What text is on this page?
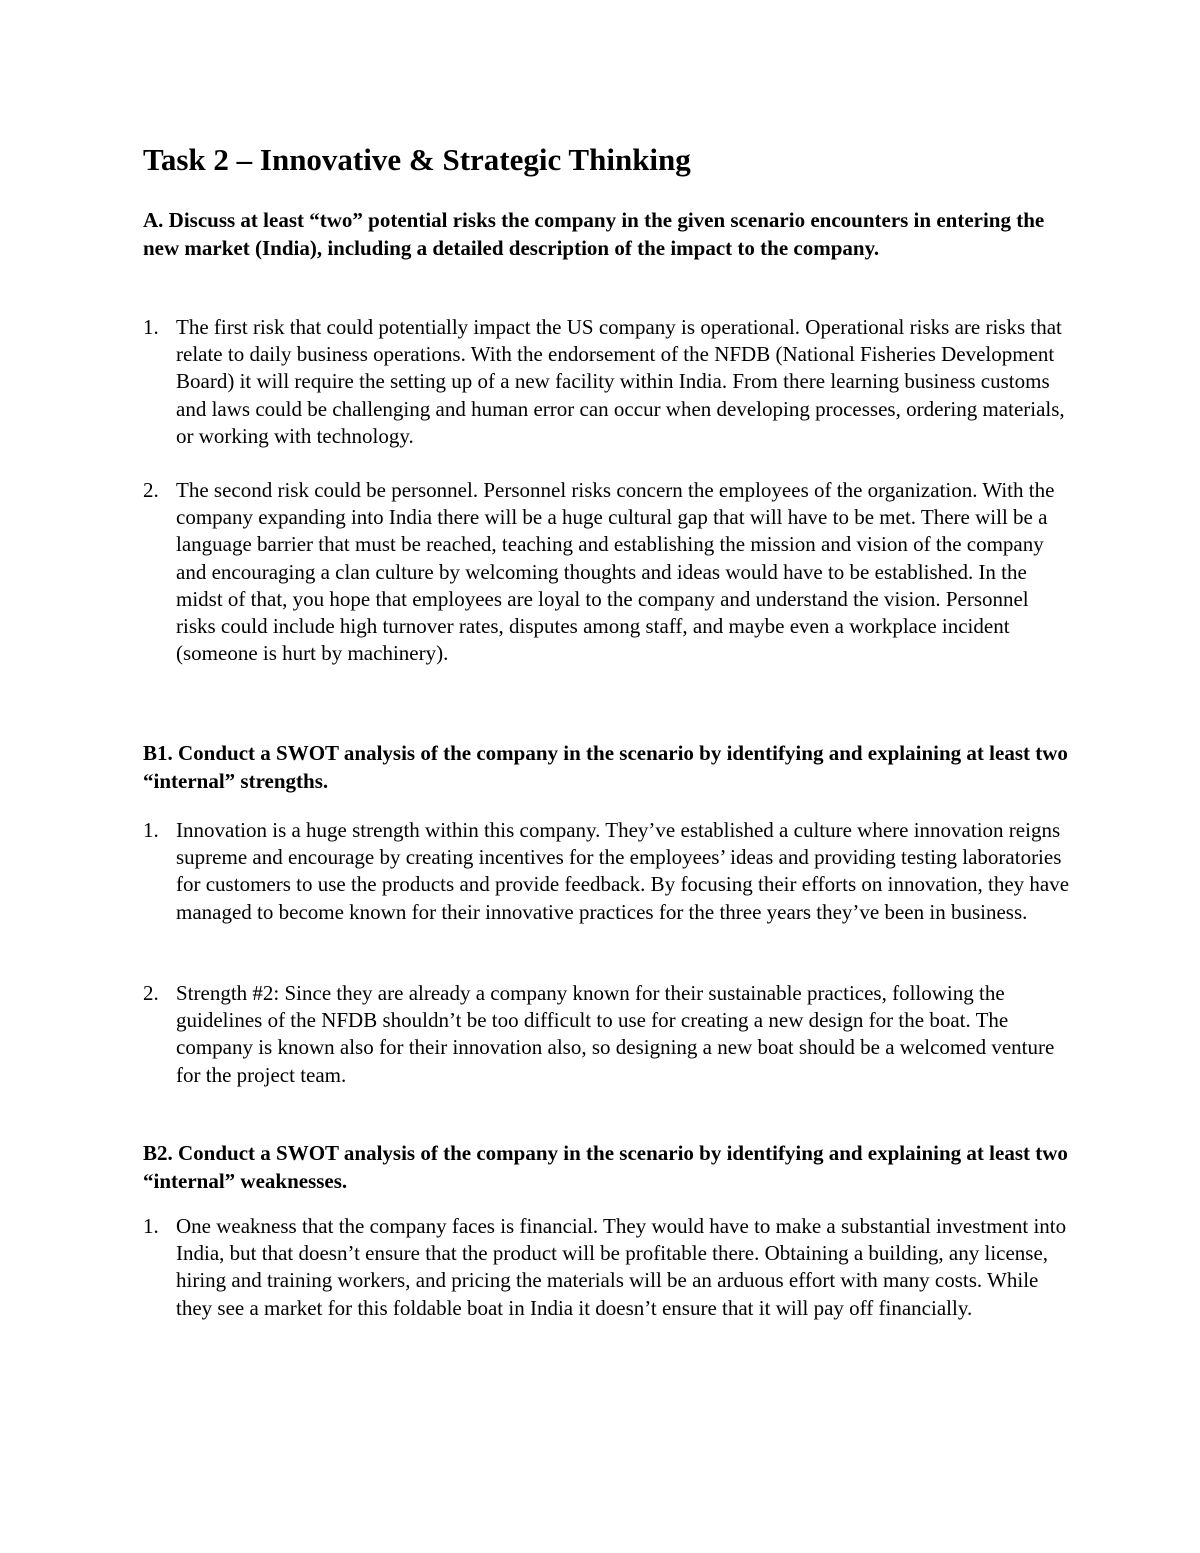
Task 2 – Innovative & Strategic Thinking
A. Discuss at least “two” potential risks the company in the given scenario encounters in entering the new market (India), including a detailed description of the impact to the company.
1. The first risk that could potentially impact the US company is operational. Operational risks are risks that relate to daily business operations. With the endorsement of the NFDB (National Fisheries Development Board) it will require the setting up of a new facility within India. From there learning business customs and laws could be challenging and human error can occur when developing processes, ordering materials, or working with technology.
2. The second risk could be personnel. Personnel risks concern the employees of the organization. With the company expanding into India there will be a huge cultural gap that will have to be met. There will be a language barrier that must be reached, teaching and establishing the mission and vision of the company and encouraging a clan culture by welcoming thoughts and ideas would have to be established. In the midst of that, you hope that employees are loyal to the company and understand the vision. Personnel risks could include high turnover rates, disputes among staff, and maybe even a workplace incident (someone is hurt by machinery).
B1. Conduct a SWOT analysis of the company in the scenario by identifying and explaining at least two “internal” strengths.
1. Innovation is a huge strength within this company. They’ve established a culture where innovation reigns supreme and encourage by creating incentives for the employees’ ideas and providing testing laboratories for customers to use the products and provide feedback. By focusing their efforts on innovation, they have managed to become known for their innovative practices for the three years they’ve been in business.
2. Strength #2: Since they are already a company known for their sustainable practices, following the guidelines of the NFDB shouldn’t be too difficult to use for creating a new design for the boat. The company is known also for their innovation also, so designing a new boat should be a welcomed venture for the project team.
B2. Conduct a SWOT analysis of the company in the scenario by identifying and explaining at least two “internal” weaknesses.
1. One weakness that the company faces is financial. They would have to make a substantial investment into India, but that doesn’t ensure that the product will be profitable there. Obtaining a building, any license, hiring and training workers, and pricing the materials will be an arduous effort with many costs. While they see a market for this foldable boat in India it doesn’t ensure that it will pay off financially.
